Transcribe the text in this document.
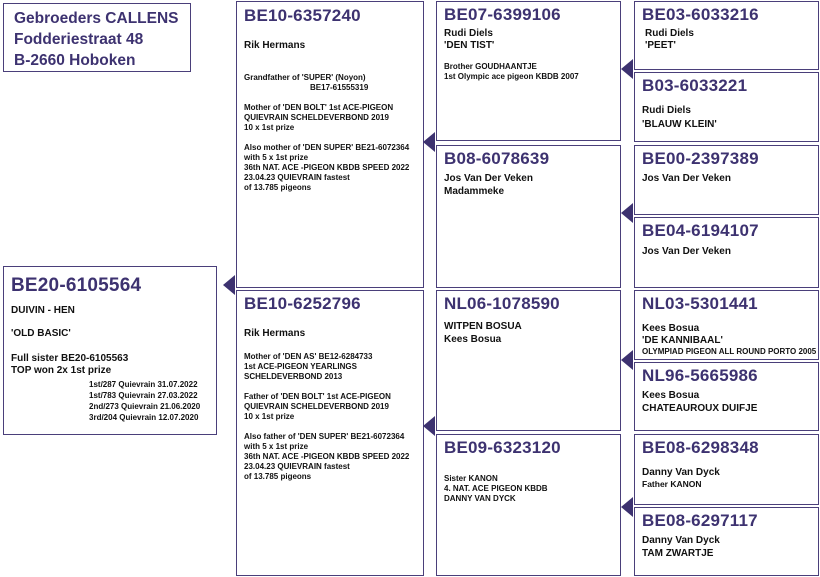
Gebroeders CALLENS
Fodderiestraat 48
B-2660 Hoboken
BE20-6105564
DUIVIN - HEN
'OLD BASIC'
Full sister BE20-6105563
TOP won 2x 1st prize
1st/287 Quievrain 31.07.2022
1st/783 Quievrain 27.03.2022
2nd/273 Quievrain 21.06.2020
3rd/204 Quievrain 12.07.2020
BE10-6357240
Rik Hermans
Grandfather of 'SUPER' (Noyon)
BE17-61555319
Mother of 'DEN BOLT' 1st ACE-PIGEON
QUIEVRAIN SCHELDEVERBOND 2019
10 x 1st prize
Also mother of 'DEN SUPER' BE21-6072364
with 5 x 1st prize
36th NAT. ACE -PIGEON KBDB SPEED 2022
23.04.23 QUIEVRAIN fastest
of 13.785 pigeons
BE10-6252796
Rik Hermans
Mother of 'DEN AS' BE12-6284733
1st ACE-PIGEON YEARLINGS
SCHELDEVERBOND 2013
Father of 'DEN BOLT' 1st ACE-PIGEON
QUIEVRAIN SCHELDEVERBOND 2019
10 x 1st prize
Also father of 'DEN SUPER' BE21-6072364
with 5 x 1st prize
36th NAT. ACE -PIGEON KBDB SPEED 2022
23.04.23 QUIEVRAIN fastest
of 13.785 pigeons
BE07-6399106
Rudi Diels
'DEN TIST'
Brother GOUDHAANTJE
1st Olympic ace pigeon KBDB 2007
B08-6078639
Jos Van Der Veken
Madammeke
NL06-1078590
WITPEN BOSUA
Kees Bosua
BE09-6323120
Sister KANON
4. NAT. ACE PIGEON KBDB
DANNY VAN DYCK
BE03-6033216
Rudi Diels
'PEET'
B03-6033221
Rudi Diels
'BLAUW KLEIN'
BE00-2397389
Jos Van Der Veken
BE04-6194107
Jos Van Der Veken
NL03-5301441
Kees Bosua
'DE KANNIBAAL'
OLYMPIAD PIGEON ALL ROUND PORTO 2005
NL96-5665986
Kees Bosua
CHATEAUROUX DUIFJE
BE08-6298348
Danny Van Dyck
Father KANON
BE08-6297117
Danny Van Dyck
TAM ZWARTJE
